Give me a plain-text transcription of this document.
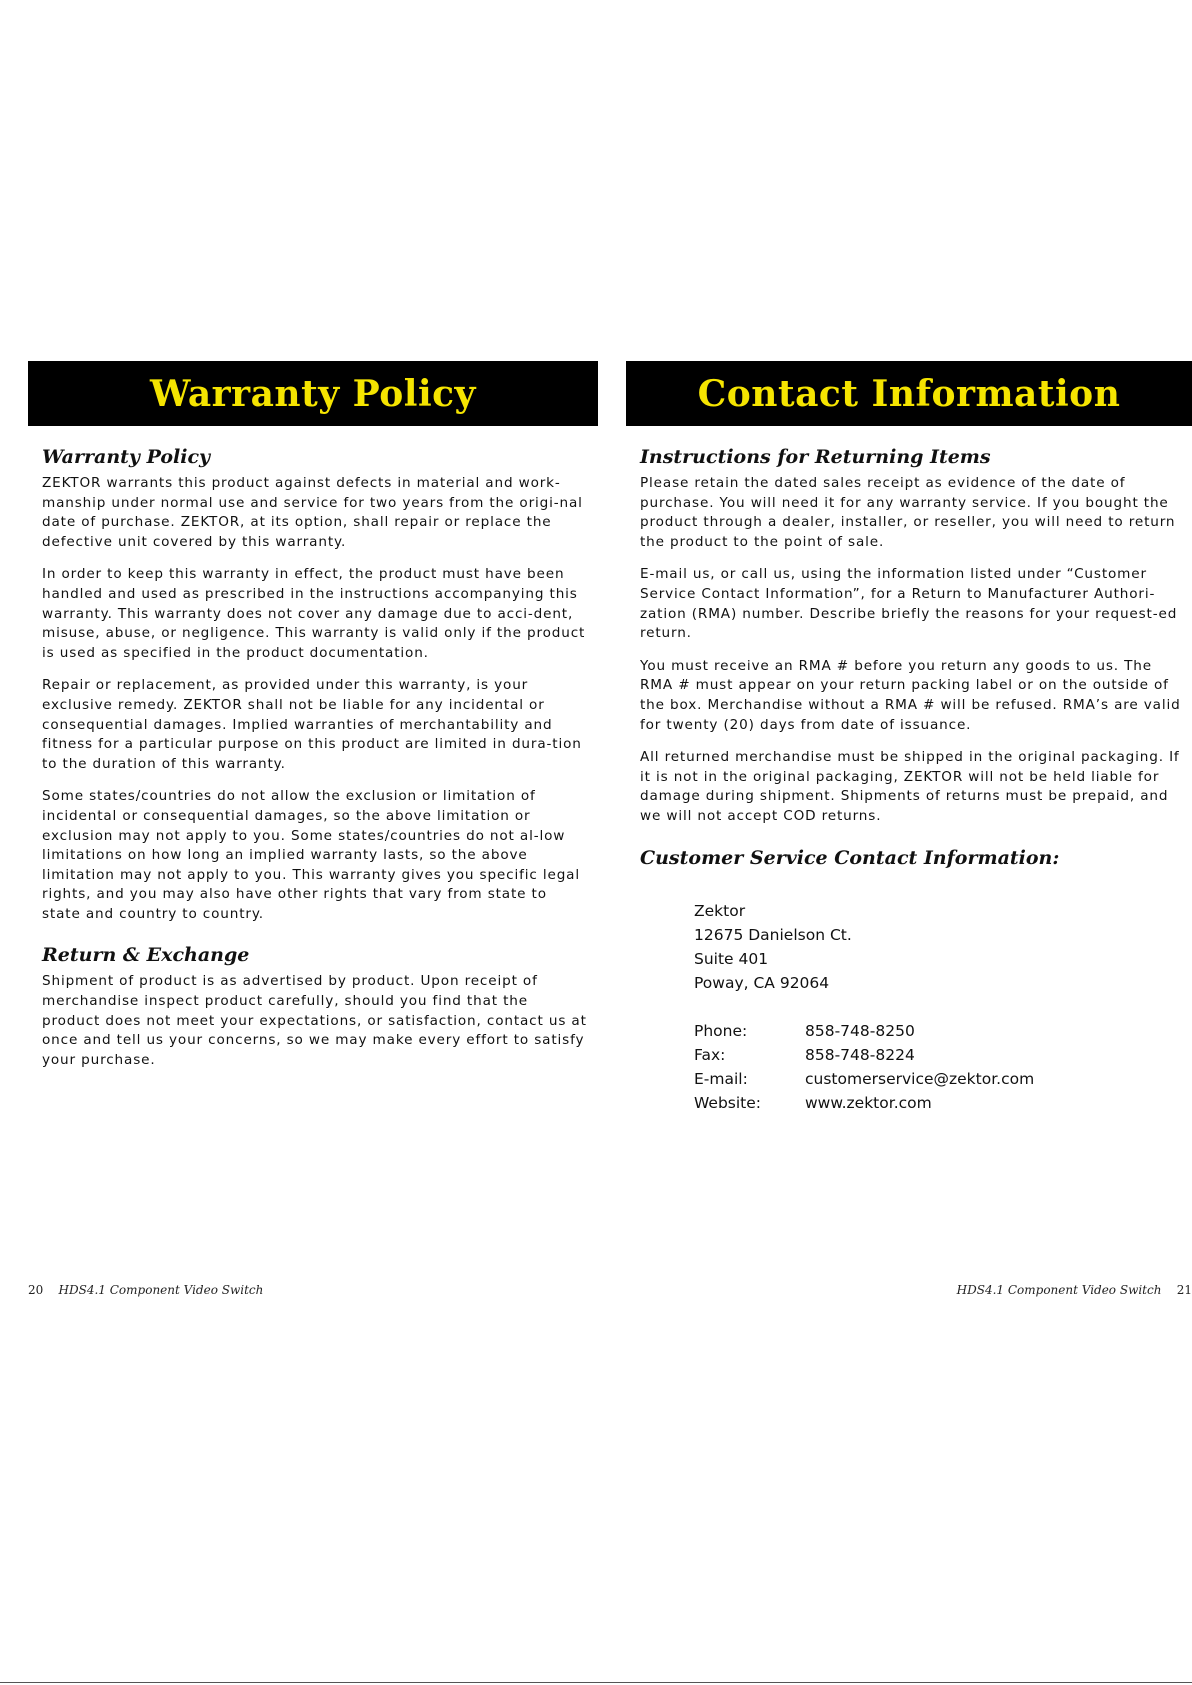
Warranty Policy	Contact Information
Warranty Policy

ZEKTOR warrants this product against defects in material and work-manship under normal use and service for two years from the origi-nal date of purchase. ZEKTOR, at its option, shall repair or replace the defective unit covered by this warranty.

In order to keep this warranty in effect, the product must have been handled and used as prescribed in the instructions accompanying this warranty. This warranty does not cover any damage due to acci-dent, misuse, abuse, or negligence. This warranty is valid only if the product is used as specified in the product documentation.

Repair or replacement, as provided under this warranty, is your exclusive remedy. ZEKTOR shall not be liable for any incidental or consequential damages. Implied warranties of merchantability and fitness for a particular purpose on this product are limited in dura-tion to the duration of this warranty.

Some states/countries do not allow the exclusion or limitation of incidental or consequential damages, so the above limitation or exclusion may not apply to you. Some states/countries do not al-low limitations on how long an implied warranty lasts, so the above limitation may not apply to you. This warranty gives you specific legal rights, and you may also have other rights that vary from state to state and country to country.

Return & Exchange

Shipment of product is as advertised by product. Upon receipt of merchandise inspect product carefully, should you find that the product does not meet your expectations, or satisfaction, contact us at once and tell us your concerns, so we may make every effort to satisfy your purchase.

Instructions for Returning Items

Please retain the dated sales receipt as evidence of the date of purchase. You will need it for any warranty service. If you bought the product through a dealer, installer, or reseller, you will need to return the product to the point of sale.

E-mail us, or call us, using the information listed under “Customer Service Contact Information”, for a Return to Manufacturer Authori-zation (RMA) number. Describe briefly the reasons for your request-ed return.

You must receive an RMA # before you return any goods to us. The RMA # must appear on your return packing label or on the outside of the box. Merchandise without a RMA # will be refused. RMA’s are valid for twenty (20) days from date of issuance.

All returned merchandise must be shipped in the original packaging. If it is not in the original packaging, ZEKTOR will not be held liable for damage during shipment. Shipments of returns must be prepaid, and we will not accept COD returns.

Customer Service Contact Information:
Zektor
12675 Danielson Ct.
Suite 401
Poway, CA 92064
Phone:	858-748-8250
Fax:	858-748-8224
E-mail:	customerservice@zektor.com
Website:	www.zektor.com
20 HDS4.1 Component Video Switch	HDS4.1 Component Video Switch 21
